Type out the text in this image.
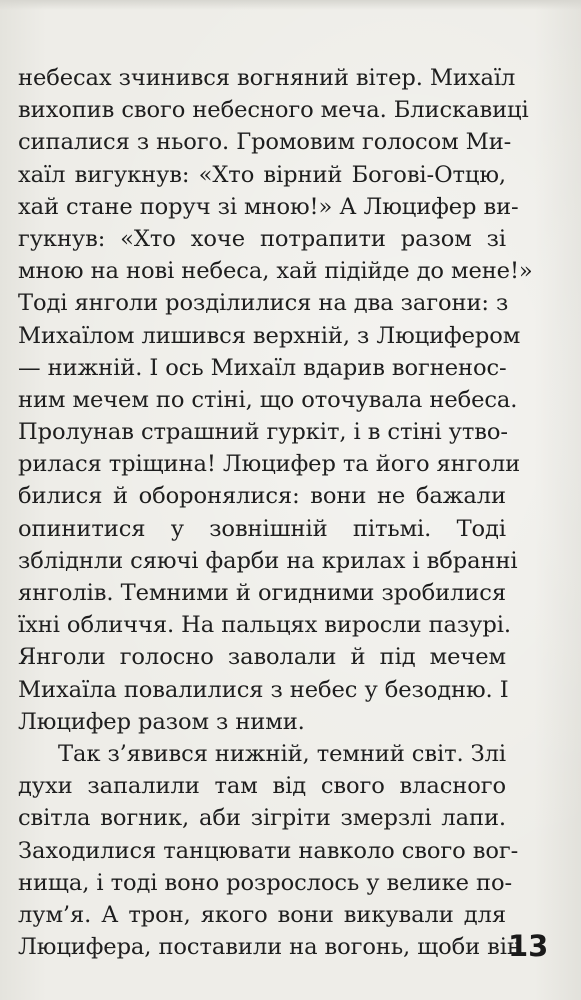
небесах зчинився вогняний вітер. Михаїл
вихопив свого небесного меча. Блискавиці
сипалися з нього. Громовим голосом Ми-
хаїл вигукнув: «Хто вірний Богові-Отцю,
хай стане поруч зі мною!» А Люцифер ви-
гукнув: «Хто хоче потрапити разом зі
мною на нові небеса, хай підійде до мене!»
Тоді янголи розділилися на два загони: з
Михаїлом лишився верхній, з Люцифером
— нижній. І ось Михаїл вдарив вогненос-
ним мечем по стіні, що оточувала небеса.
Пролунав страшний гуркіт, і в стіні утво-
рилася тріщина! Люцифер та його янголи
билися й оборонялися: вони не бажали
опинитися у зовнішній пітьмі. Тоді
збліднли сяючі фарби на крилах і вбранні
янголів. Темними й огидними зробилися
їхні обличчя. На пальцях виросли пазурі.
Янголи голосно заволали й під мечем
Михаїла повалилися з небес у безодню. І
Люцифер разом з ними.
Так з’явився нижній, темний світ. Злі
духи запалили там від свого власного
світла вогник, аби зігріти змерзлі лапи.
Заходилися танцювати навколо свого вог-
нища, і тоді воно розрослось у велике по-
лум’я. А трон, якого вони викували для
Люцифера, поставили на вогонь, щоби він
13
